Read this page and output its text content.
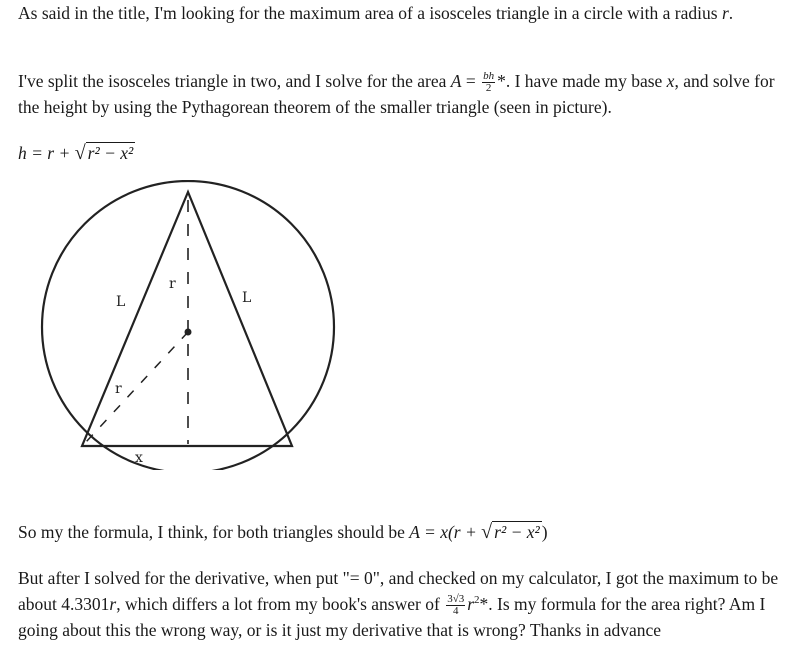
As said in the title, I'm looking for the maximum area of a isosceles triangle in a circle with a radius r.

I've split the isosceles triangle in two, and I solve for the area $A = \frac{bh}{2}$ *. I have made my base x, and solve for the height by using the Pythagorean theorem of the smaller triangle (seen in picture).

h = r + √ r² − x²

L	L
r
r
x

So my the formula, I think, for both triangles should be A = x(r + √ r² − x² )

But after I solved for the derivative, when put "= 0", and checked on my calculator, I got the maximum to be about 4.3301r, which differs a lot from my book's answer of $\frac{3√3}{4} r^2*$. Is my formula for the area right? Am I going about this the wrong way, or is it just my derivative that is wrong? Thanks in advance
